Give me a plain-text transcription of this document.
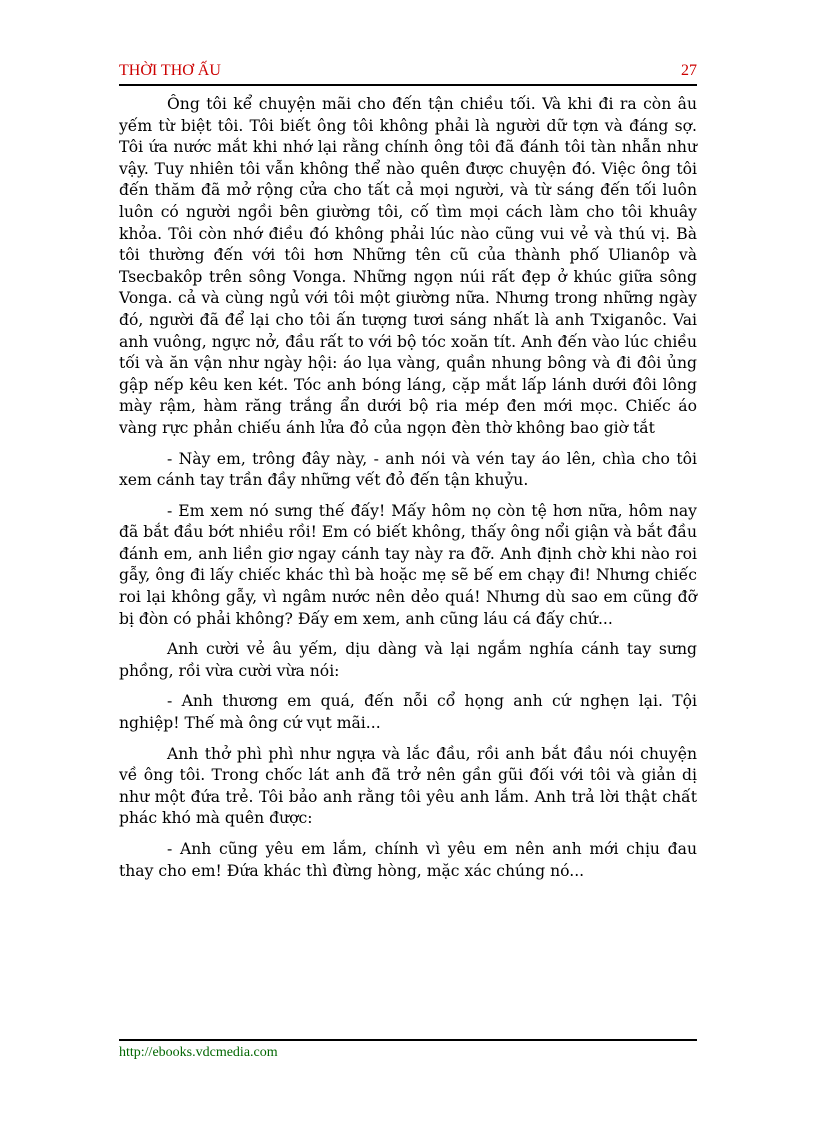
THỜI THƠ ẤU	27

Ông tôi kể chuyện mãi cho đến tận chiều tối. Và khi đi ra còn âu yếm từ biệt tôi. Tôi biết ông tôi không phải là người dữ tợn và đáng sợ. Tôi ứa nước mắt khi nhớ lại rằng chính ông tôi đã đánh tôi tàn nhẫn như vậy. Tuy nhiên tôi vẫn không thể nào quên được chuyện đó. Việc ông tôi đến thăm đã mở rộng cửa cho tất cả mọi người, và từ sáng đến tối luôn luôn có người ngồi bên giường tôi, cố tìm mọi cách làm cho tôi khuây khỏa. Tôi còn nhớ điều đó không phải lúc nào cũng vui vẻ và thú vị. Bà tôi thường đến với tôi hơn Những tên cũ của thành phố Ulianôp và Tsecbakôp trên sông Vonga. Những ngọn núi rất đẹp ở khúc giữa sông Vonga. cả và cùng ngủ với tôi một giường nữa. Nhưng trong những ngày đó, người đã để lại cho tôi ấn tượng tươi sáng nhất là anh Txiganôc. Vai anh vuông, ngực nở, đầu rất to với bộ tóc xoăn tít. Anh đến vào lúc chiều tối và ăn vận như ngày hội: áo lụa vàng, quần nhung bông và đi đôi ủng gập nếp kêu ken két. Tóc anh bóng láng, cặp mắt lấp lánh dưới đôi lông mày rậm, hàm răng trắng ẩn dưới bộ ria mép đen mới mọc. Chiếc áo vàng rực phản chiếu ánh lửa đỏ của ngọn đèn thờ không bao giờ tắt

- Này em, trông đây này, - anh nói và vén tay áo lên, chìa cho tôi xem cánh tay trần đầy những vết đỏ đến tận khuỷu.

- Em xem nó sưng thế đấy! Mấy hôm nọ còn tệ hơn nữa, hôm nay đã bắt đầu bớt nhiều rồi! Em có biết không, thấy ông nổi giận và bắt đầu đánh em, anh liền giơ ngay cánh tay này ra đỡ. Anh định chờ khi nào roi gẫy, ông đi lấy chiếc khác thì bà hoặc mẹ sẽ bế em chạy đi! Nhưng chiếc roi lại không gẫy, vì ngâm nước nên dẻo quá! Nhưng dù sao em cũng đỡ bị đòn có phải không? Đấy em xem, anh cũng láu cá đấy chứ...

Anh cười vẻ âu yếm, dịu dàng và lại ngắm nghía cánh tay sưng phồng, rồi vừa cười vừa nói:

- Anh thương em quá, đến nỗi cổ họng anh cứ nghẹn lại. Tội nghiệp! Thế mà ông cứ vụt mãi...

Anh thở phì phì như ngựa và lắc đầu, rồi anh bắt đầu nói chuyện về ông tôi. Trong chốc lát anh đã trở nên gần gũi đối với tôi và giản dị như một đứa trẻ. Tôi bảo anh rằng tôi yêu anh lắm. Anh trả lời thật chất phác khó mà quên được:

- Anh cũng yêu em lắm, chính vì yêu em nên anh mới chịu đau thay cho em! Đứa khác thì đừng hòng, mặc xác chúng nó...

http://ebooks.vdcmedia.com
